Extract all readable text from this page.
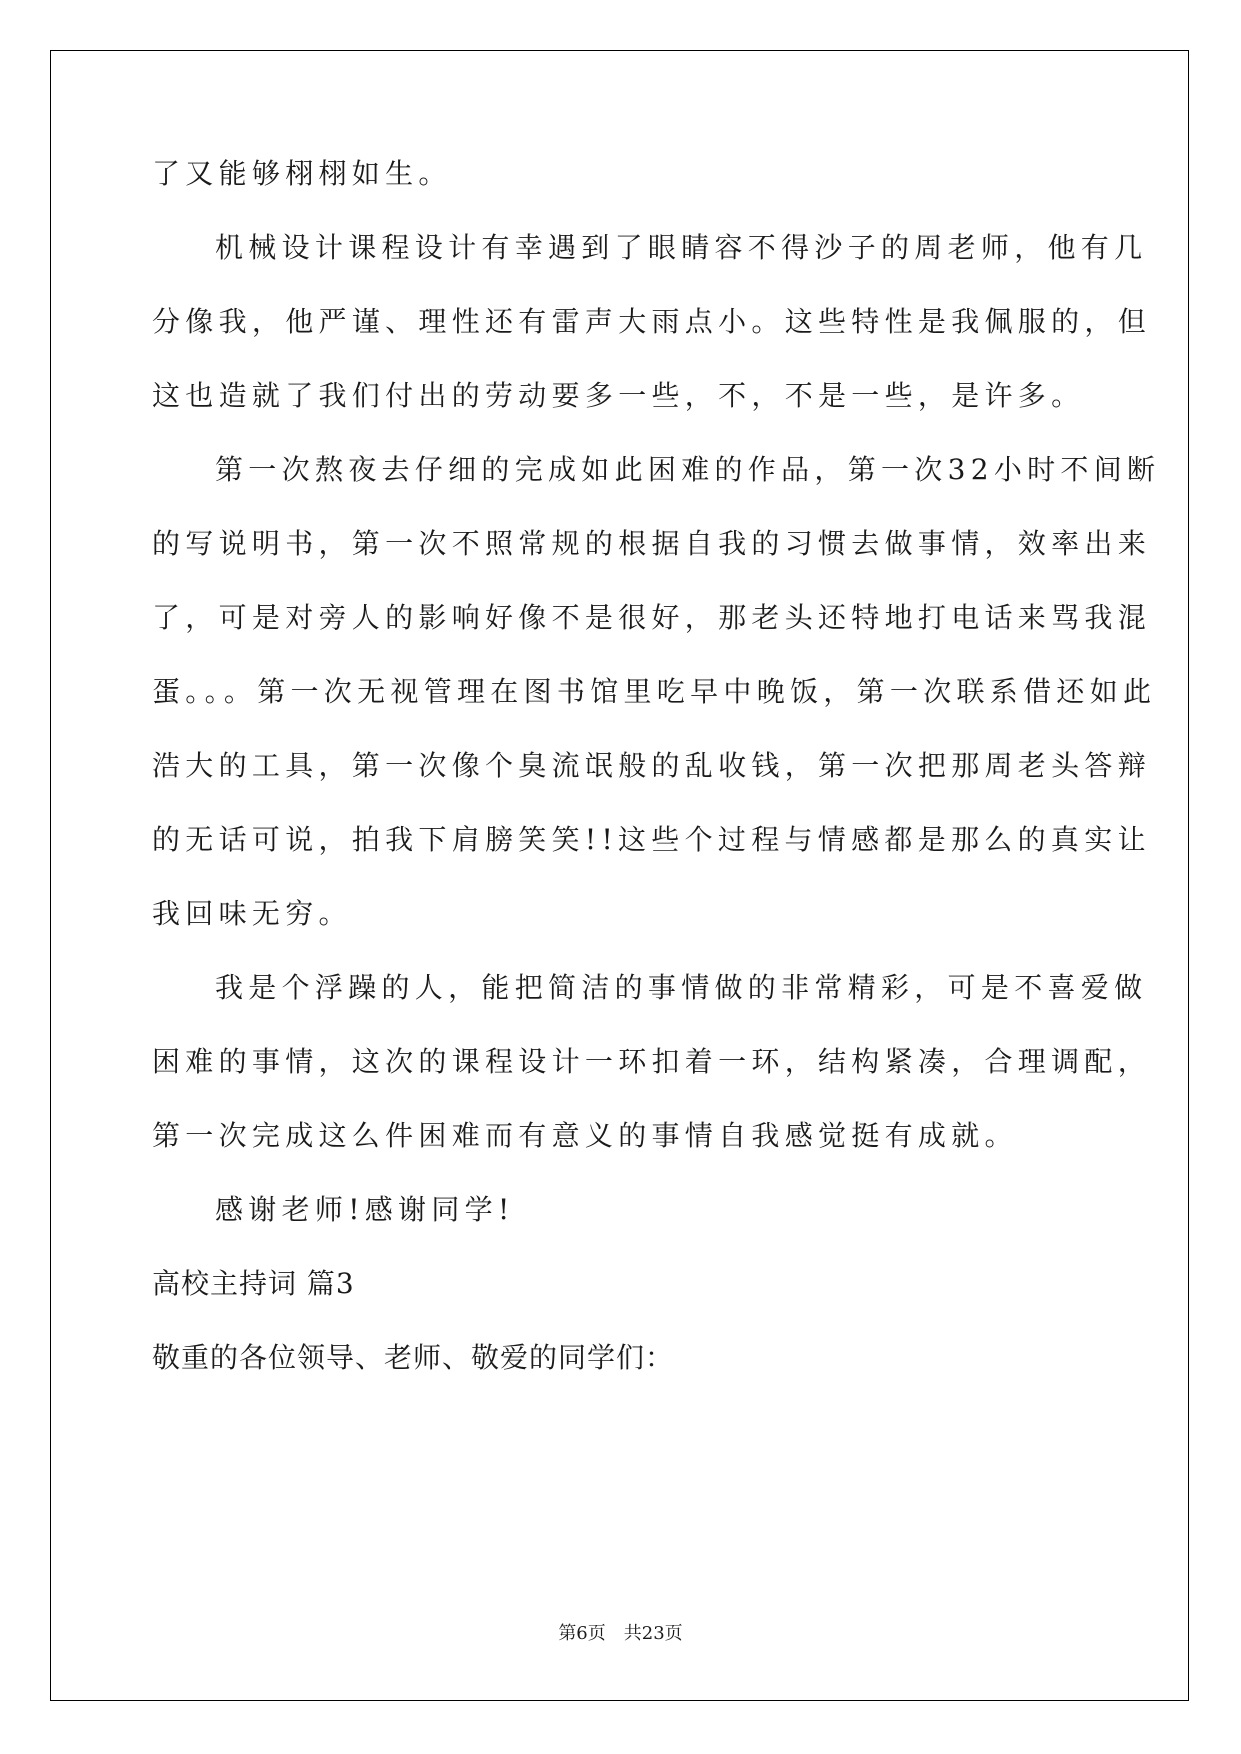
了又能够栩栩如生。
机械设计课程设计有幸遇到了眼睛容不得沙子的周老师，他有几
分像我，他严谨、理性还有雷声大雨点小。这些特性是我佩服的，但
这也造就了我们付出的劳动要多一些，不，不是一些，是许多。
第一次熬夜去仔细的完成如此困难的作品，第一次32小时不间断
的写说明书，第一次不照常规的根据自我的习惯去做事情，效率出来
了，可是对旁人的影响好像不是很好，那老头还特地打电话来骂我混
蛋。。。第一次无视管理在图书馆里吃早中晚饭，第一次联系借还如此
浩大的工具，第一次像个臭流氓般的乱收钱，第一次把那周老头答辩
的无话可说，拍我下肩膀笑笑!!这些个过程与情感都是那么的真实让
我回味无穷。
我是个浮躁的人，能把简洁的事情做的非常精彩，可是不喜爱做
困难的事情，这次的课程设计一环扣着一环，结构紧凑，合理调配，
第一次完成这么件困难而有意义的事情自我感觉挺有成就。
感谢老师!感谢同学!
高校主持词 篇3
敬重的各位领导、老师、敬爱的同学们：
第6页 共23页
